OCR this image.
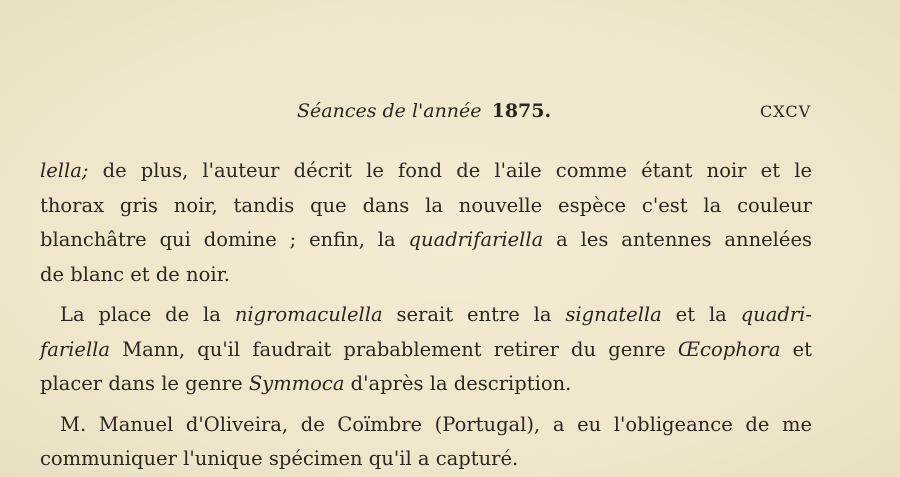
Séances de l'année 1875.	CXCV
lella; de plus, l'auteur décrit le fond de l'aile comme étant noir et le
thorax gris noir, tandis que dans la nouvelle espèce c'est la couleur
blanchâtre qui domine ; enfin, la quadrifariella a les antennes annelées
de blanc et de noir.
La place de la nigromaculella serait entre la signatella et la quadri-
fariella Mann, qu'il faudrait prabablement retirer du genre Œcophora et
placer dans le genre Symmoca d'après la description.
M. Manuel d'Oliveira, de Coïmbre (Portugal), a eu l'obligeance de me
communiquer l'unique spécimen qu'il a capturé.
